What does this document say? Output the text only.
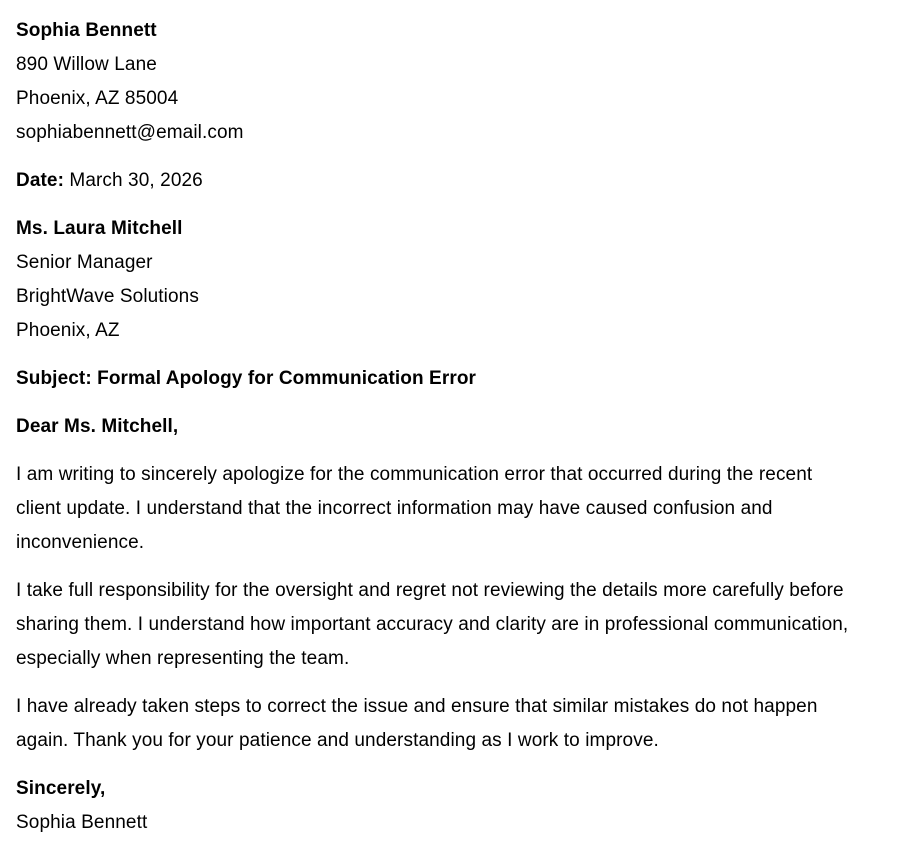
Sophia Bennett
890 Willow Lane
Phoenix, AZ 85004
sophiabennett@email.com
Date: March 30, 2026
Ms. Laura Mitchell
Senior Manager
BrightWave Solutions
Phoenix, AZ
Subject: Formal Apology for Communication Error
Dear Ms. Mitchell,

I am writing to sincerely apologize for the communication error that occurred during the recent client update. I understand that the incorrect information may have caused confusion and inconvenience.

I take full responsibility for the oversight and regret not reviewing the details more carefully before sharing them. I understand how important accuracy and clarity are in professional communication, especially when representing the team.

I have already taken steps to correct the issue and ensure that similar mistakes do not happen again. Thank you for your patience and understanding as I work to improve.

Sincerely,
Sophia Bennett
